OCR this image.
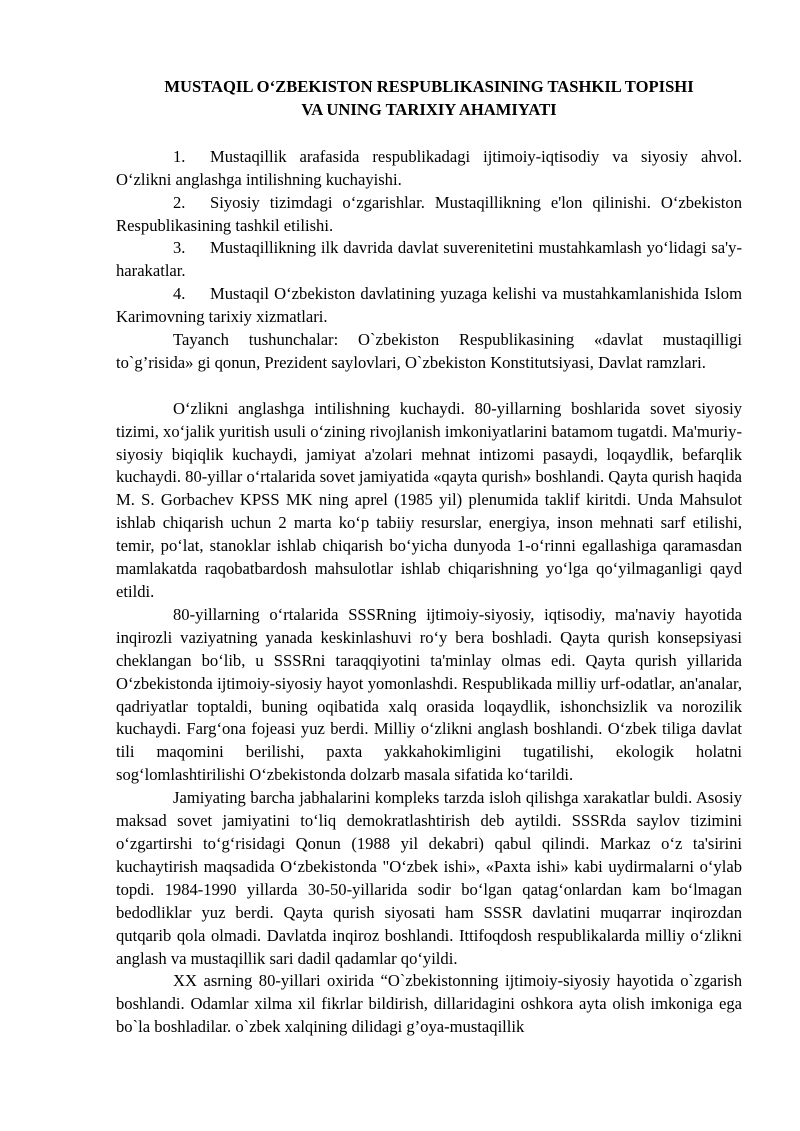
MUSTAQIL O‘ZBEKISTON RESPUBLIKASINING TASHKIL TOPISHI
VA UNING TARIXIY AHAMIYATI

1. Mustaqillik arafasida respublikadagi ijtimoiy-iqtisodiy va siyosiy ahvol. O‘zlikni anglashga intilishning kuchayishi.

2. Siyosiy tizimdagi o‘zgarishlar. Mustaqillikning e'lon qilinishi. O‘zbekiston Respublikasining tashkil etilishi.

3. Mustaqillikning ilk davrida davlat suverenitetini mustahkamlash yo‘lidagi sa'y-harakatlar.

4. Mustaqil O‘zbekiston davlatining yuzaga kelishi va mustahkamlanishida Islom Karimovning tarixiy xizmatlari.

Tayanch tushunchalar: O`zbekiston Respublikasining «davlat mustaqilligi to`g’risida» gi qonun, Prezident saylovlari, O`zbekiston Konstitutsiyasi, Davlat ramzlari.

O‘zlikni anglashga intilishning kuchaydi. 80-yillarning boshlarida sovet siyosiy tizimi, xo‘jalik yuritish usuli o‘zining rivojlanish imkoniyatlarini batamom tugatdi. Ma'muriy-siyosiy biqiqlik kuchaydi, jamiyat a'zolari mehnat intizomi pasaydi, loqaydlik, befarqlik kuchaydi. 80-yillar o‘rtalarida sovet jamiyatida «qayta qurish» boshlandi. Qayta qurish haqida M. S. Gorbachev KPSS MK ning aprel (1985 yil) plenumida taklif kiritdi. Unda Mahsulot ishlab chiqarish uchun 2 marta ko‘p tabiiy resurslar, energiya, inson mehnati sarf etilishi, temir, po‘lat, stanoklar ishlab chiqarish bo‘yicha dunyoda 1-o‘rinni egallashiga qaramasdan mamlakatda raqobatbardosh mahsulotlar ishlab chiqarishning yo‘lga qo‘yilmaganligi qayd etildi.

80-yillarning o‘rtalarida SSSRning ijtimoiy-siyosiy, iqtisodiy, ma'naviy hayotida inqirozli vaziyatning yanada keskinlashuvi ro‘y bera boshladi. Qayta qurish konsepsiyasi cheklangan bo‘lib, u SSSRni taraqqiyotini ta'minlay olmas edi. Qayta qurish yillarida O‘zbekistonda ijtimoiy-siyosiy hayot yomonlashdi. Respublikada milliy urf-odatlar, an'analar, qadriyatlar toptaldi, buning oqibatida xalq orasida loqaydlik, ishonchsizlik va norozilik kuchaydi. Farg‘ona fojeasi yuz berdi. Milliy o‘zlikni anglash boshlandi. O‘zbek tiliga davlat tili maqomini berilishi, paxta yakkahokimligini tugatilishi, ekologik holatni sog‘lomlashtirilishi O‘zbekistonda dolzarb masala sifatida ko‘tarildi.

Jamiyating barcha jabhalarini kompleks tarzda isloh qilishga xarakatlar buldi. Asosiy maksad sovet jamiyatini to‘liq demokratlashtirish deb aytildi. SSSRda saylov tizimini o‘zgartirshi to‘g‘risidagi Qonun (1988 yil dekabri) qabul qilindi. Markaz o‘z ta'sirini kuchaytirish maqsadida O‘zbekistonda "O‘zbek ishi», «Paxta ishi» kabi uydirmalarni o‘ylab topdi. 1984-1990 yillarda 30-50-yillarida sodir bo‘lgan qatag‘onlardan kam bo‘lmagan bedodliklar yuz berdi. Qayta qurish siyosati ham SSSR davlatini muqarrar inqirozdan qutqarib qola olmadi. Davlatda inqiroz boshlandi. Ittifoqdosh respublikalarda milliy o‘zlikni anglash va mustaqillik sari dadil qadamlar qo‘yildi.

XX asrning 80-yillari oxirida “O`zbekistonning ijtimoiy-siyosiy hayotida o`zgarish boshlandi. Odamlar xilma xil fikrlar bildirish, dillaridagini oshkora ayta olish imkoniga ega bo`la boshladilar. o`zbek xalqining dilidagi g’oya-mustaqillik
